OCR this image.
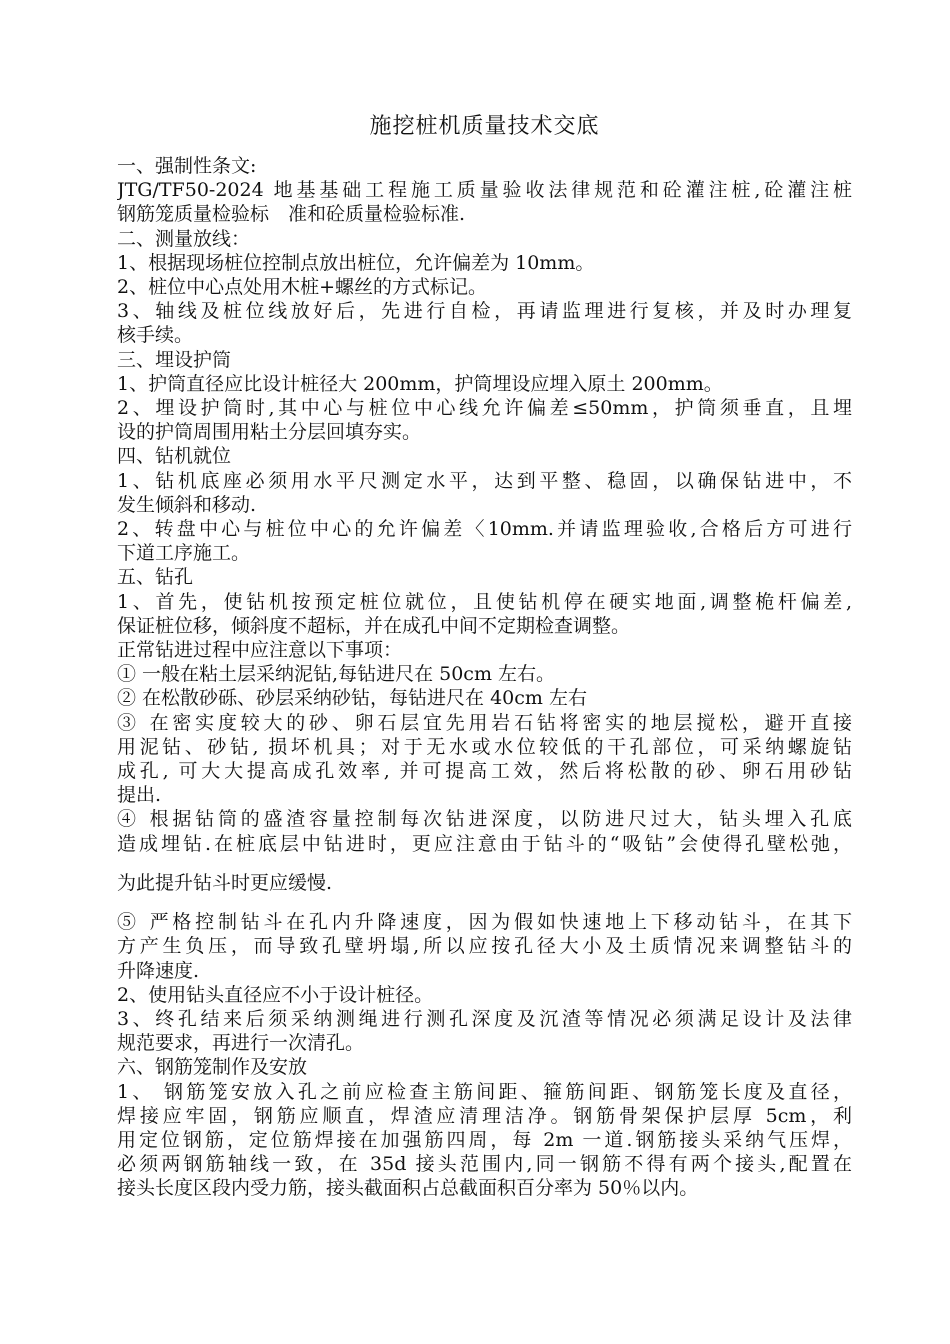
施挖桩机质量技术交底
一、强制性条文:
JTG/TF50-2024 地基基础工程施工质量验收法律规范和砼灌注桩,砼灌注桩
钢筋笼质量检验标　准和砼质量检验标准.
二、测量放线：
1、根据现场桩位控制点放出桩位，允许偏差为 10mm。
2、桩位中心点处用木桩+螺丝的方式标记。
3、轴线及桩位线放好后，先进行自检，再请监理进行复核，并及时办理复
核手续。
三、埋设护筒
1、护筒直径应比设计桩径大 200mm，护筒埋设应埋入原土 200mm。
2、埋设护筒时,其中心与桩位中心线允许偏差≤50mm，护筒须垂直，且埋
设的护筒周围用粘土分层回填夯实。
四、钻机就位
1、钻机底座必须用水平尺测定水平，达到平整、稳固，以确保钻进中，不
发生倾斜和移动.
2、转盘中心与桩位中心的允许偏差〈10mm.并请监理验收,合格后方可进行
下道工序施工。
五、钻孔
1、首先，使钻机按预定桩位就位，且使钻机停在硬实地面,调整桅杆偏差,
保证桩位移，倾斜度不超标，并在成孔中间不定期检查调整。
正常钻进过程中应注意以下事项：
① 一般在粘土层采纳泥钻,每钻进尺在 50cm 左右。
② 在松散砂砾、砂层采纳砂钻，每钻进尺在 40cm 左右
③ 在密实度较大的砂、卵石层宜先用岩石钻将密实的地层搅松，避开直接
用泥钻、砂钻, 损坏机具；对于无水或水位较低的干孔部位，可采纳螺旋钻
成孔, 可大大提高成孔效率, 并可提高工效，然后将松散的砂、卵石用砂钻
提出.
④ 根据钻筒的盛渣容量控制每次钻进深度，以防进尺过大，钻头埋入孔底
造成埋钻.在桩底层中钻进时，更应注意由于钻斗的“吸钻”会使得孔壁松弛，
为此提升钻斗时更应缓慢.
⑤ 严格控制钻斗在孔内升降速度，因为假如快速地上下移动钻斗，在其下
方产生负压，而导致孔壁坍塌,所以应按孔径大小及土质情况来调整钻斗的
升降速度.
2、使用钻头直径应不小于设计桩径。
3、终孔结来后须采纳测绳进行测孔深度及沉渣等情况必须满足设计及法律
规范要求，再进行一次清孔。
六、钢筋笼制作及安放
1、 钢筋笼安放入孔之前应检查主筋间距、箍筋间距、钢筋笼长度及直径，
焊接应牢固，钢筋应顺直，焊渣应清理洁净。钢筋骨架保护层厚 5cm，利
用定位钢筋，定位筋焊接在加强筋四周，每 2m 一道.钢筋接头采纳气压焊，
必须两钢筋轴线一致，在 35d 接头范围内,同一钢筋不得有两个接头,配置在
接头长度区段内受力筋，接头截面积占总截面积百分率为 50％以内。
